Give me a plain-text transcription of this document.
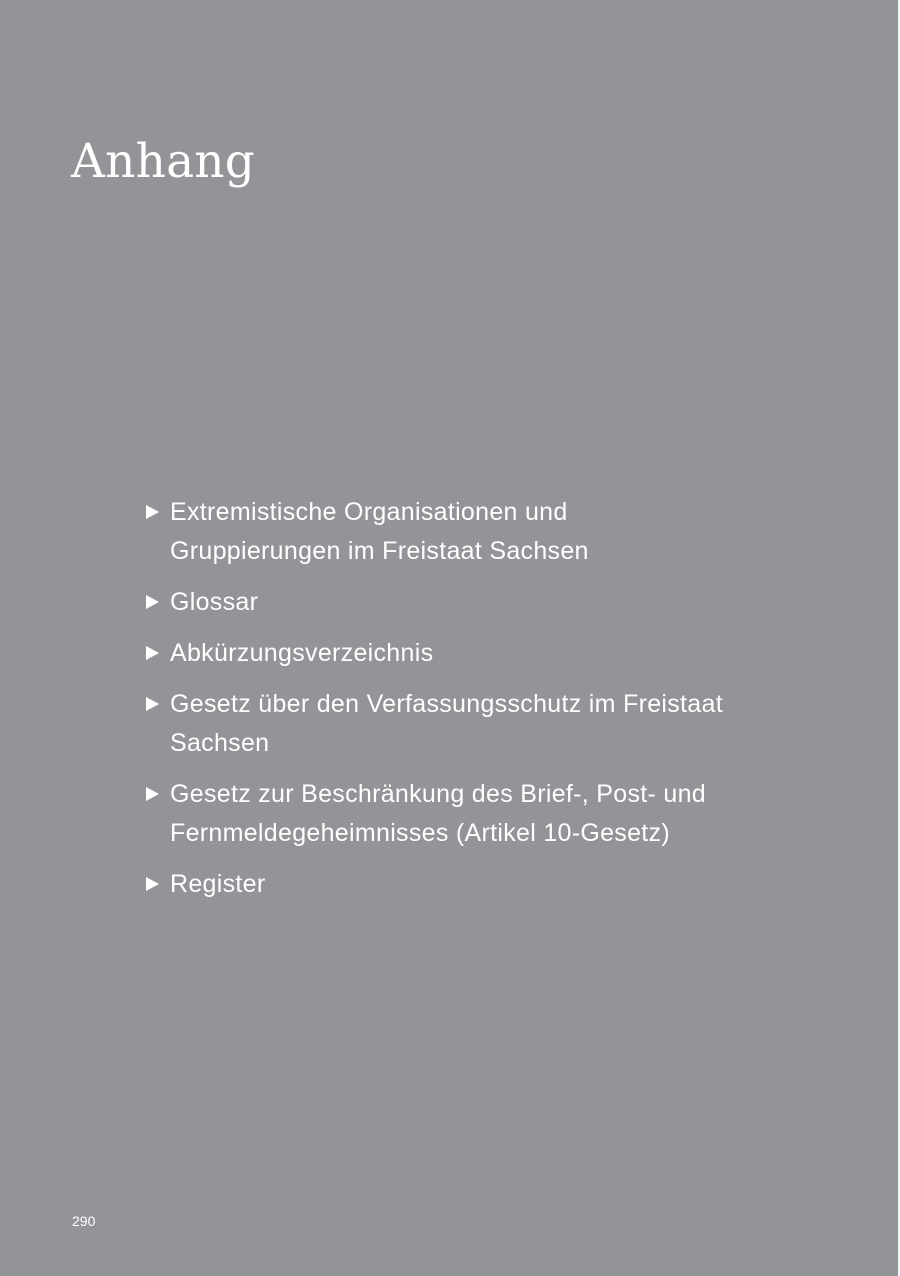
Anhang
Extremistische Organisationen und
Gruppierungen im Freistaat Sachsen
Glossar
Abkürzungsverzeichnis
Gesetz über den Verfassungsschutz im Freistaat Sachsen
Gesetz zur Beschränkung des Brief-, Post- und
Fernmeldegeheimnisses (Artikel 10-Gesetz)
Register
290
